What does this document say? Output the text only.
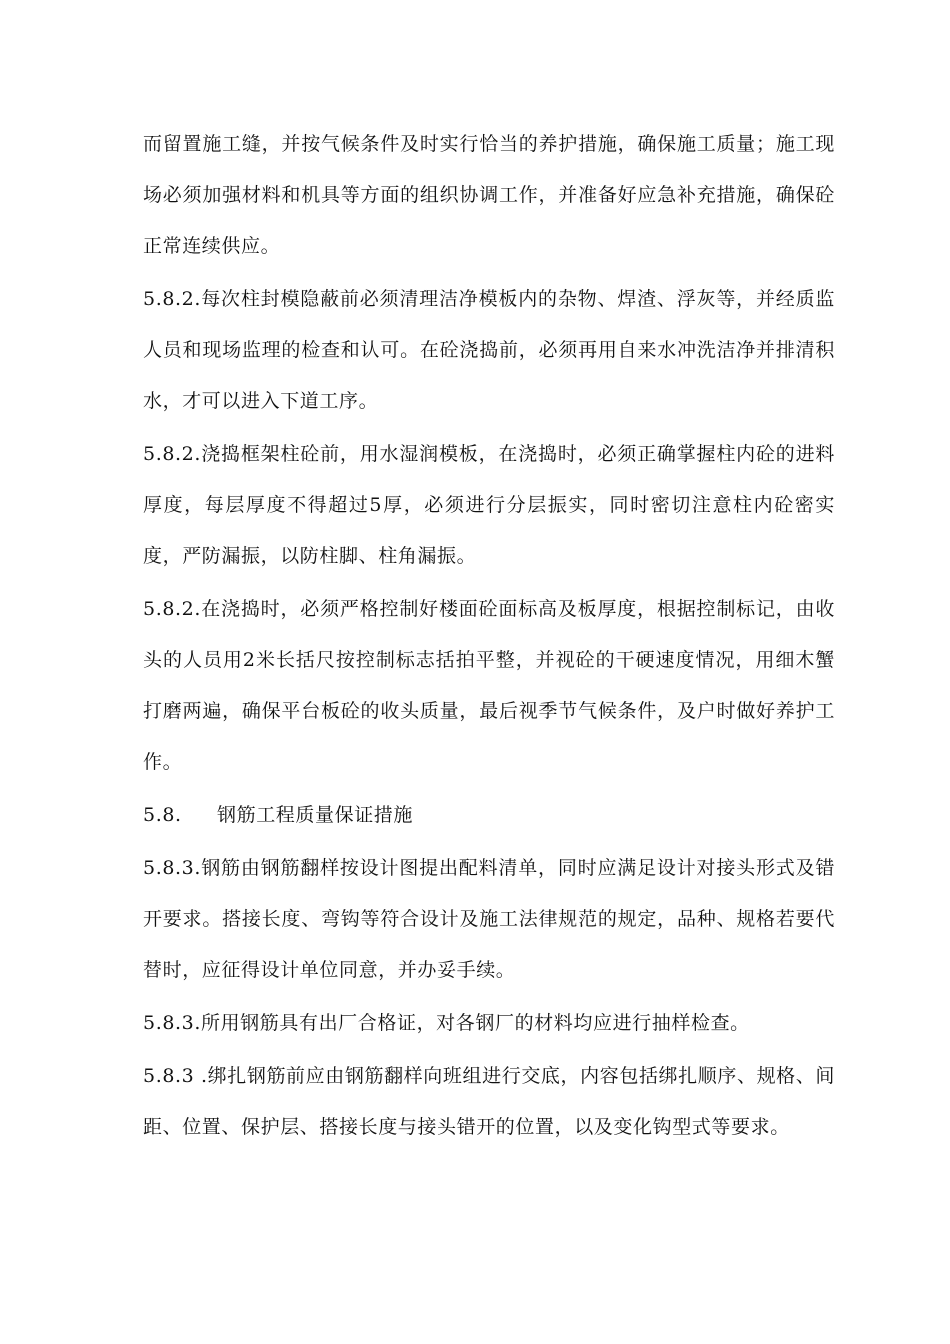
而留置施工缝，并按气候条件及时实行恰当的养护措施，确保施工质量；施工现场必须加强材料和机具等方面的组织协调工作，并准备好应急补充措施，确保砼正常连续供应。

5.8.2.每次柱封模隐蔽前必须清理洁净模板内的杂物、焊渣、浮灰等，并经质监人员和现场监理的检查和认可。在砼浇捣前，必须再用自来水冲洗洁净并排清积水，才可以进入下道工序。

5.8.2.浇捣框架柱砼前，用水湿润模板，在浇捣时，必须正确掌握柱内砼的进料厚度，每层厚度不得超过5厚，必须进行分层振实，同时密切注意柱内砼密实度，严防漏振，以防柱脚、柱角漏振。

5.8.2.在浇捣时，必须严格控制好楼面砼面标高及板厚度，根据控制标记，由收头的人员用2米长括尺按控制标志括拍平整，并视砼的干硬速度情况，用细木蟹打磨两遍，确保平台板砼的收头质量，最后视季节气候条件，及户时做好养护工作。

5.8. 钢筋工程质量保证措施

5.8.3.钢筋由钢筋翻样按设计图提出配料清单，同时应满足设计对接头形式及错开要求。搭接长度、弯钩等符合设计及施工法律规范的规定，品种、规格若要代替时，应征得设计单位同意，并办妥手续。

5.8.3.所用钢筋具有出厂合格证，对各钢厂的材料均应进行抽样检查。

5.8.3 .绑扎钢筋前应由钢筋翻样向班组进行交底，内容包括绑扎顺序、规格、间距、位置、保护层、搭接长度与接头错开的位置，以及变化钩型式等要求。
